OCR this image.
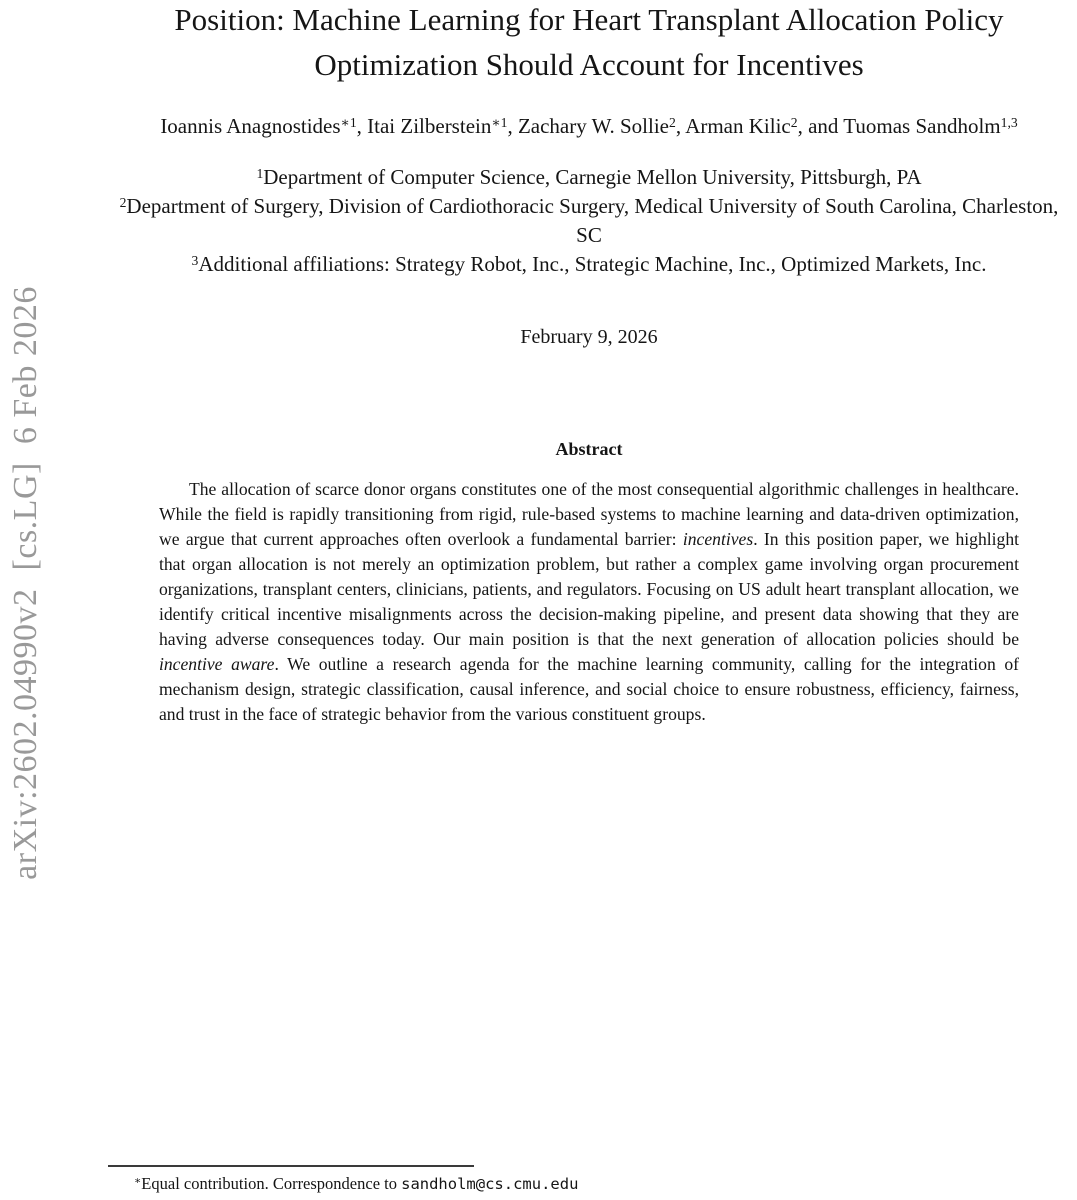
arXiv:2602.04990v2  [cs.LG]  6 Feb 2026
Position: Machine Learning for Heart Transplant Allocation Policy Optimization Should Account for Incentives
Ioannis Anagnostides$^{∗1}$, Itai Zilberstein$^{∗1}$, Zachary W. Sollie$^2$, Arman Kilic$^2$, and Tuomas Sandholm$^{1,3}$
$^1$Department of Computer Science, Carnegie Mellon University, Pittsburgh, PA
$^2$Department of Surgery, Division of Cardiothoracic Surgery, Medical University of South Carolina, Charleston, SC
$^3$Additional affiliations: Strategy Robot, Inc., Strategic Machine, Inc., Optimized Markets, Inc.
February 9, 2026
Abstract

The allocation of scarce donor organs constitutes one of the most consequential algorithmic challenges in healthcare. While the field is rapidly transitioning from rigid, rule-based systems to machine learning and data-driven optimization, we argue that current approaches often overlook a fundamental barrier: incentives. In this position paper, we highlight that organ allocation is not merely an optimization problem, but rather a complex game involving organ procurement organizations, transplant centers, clinicians, patients, and regulators. Focusing on US adult heart transplant allocation, we identify critical incentive misalignments across the decision-making pipeline, and present data showing that they are having adverse consequences today. Our main position is that the next generation of allocation policies should be incentive aware. We outline a research agenda for the machine learning community, calling for the integration of mechanism design, strategic classification, causal inference, and social choice to ensure robustness, efficiency, fairness, and trust in the face of strategic behavior from the various constituent groups.

∗Equal contribution. Correspondence to sandholm@cs.cmu.edu
